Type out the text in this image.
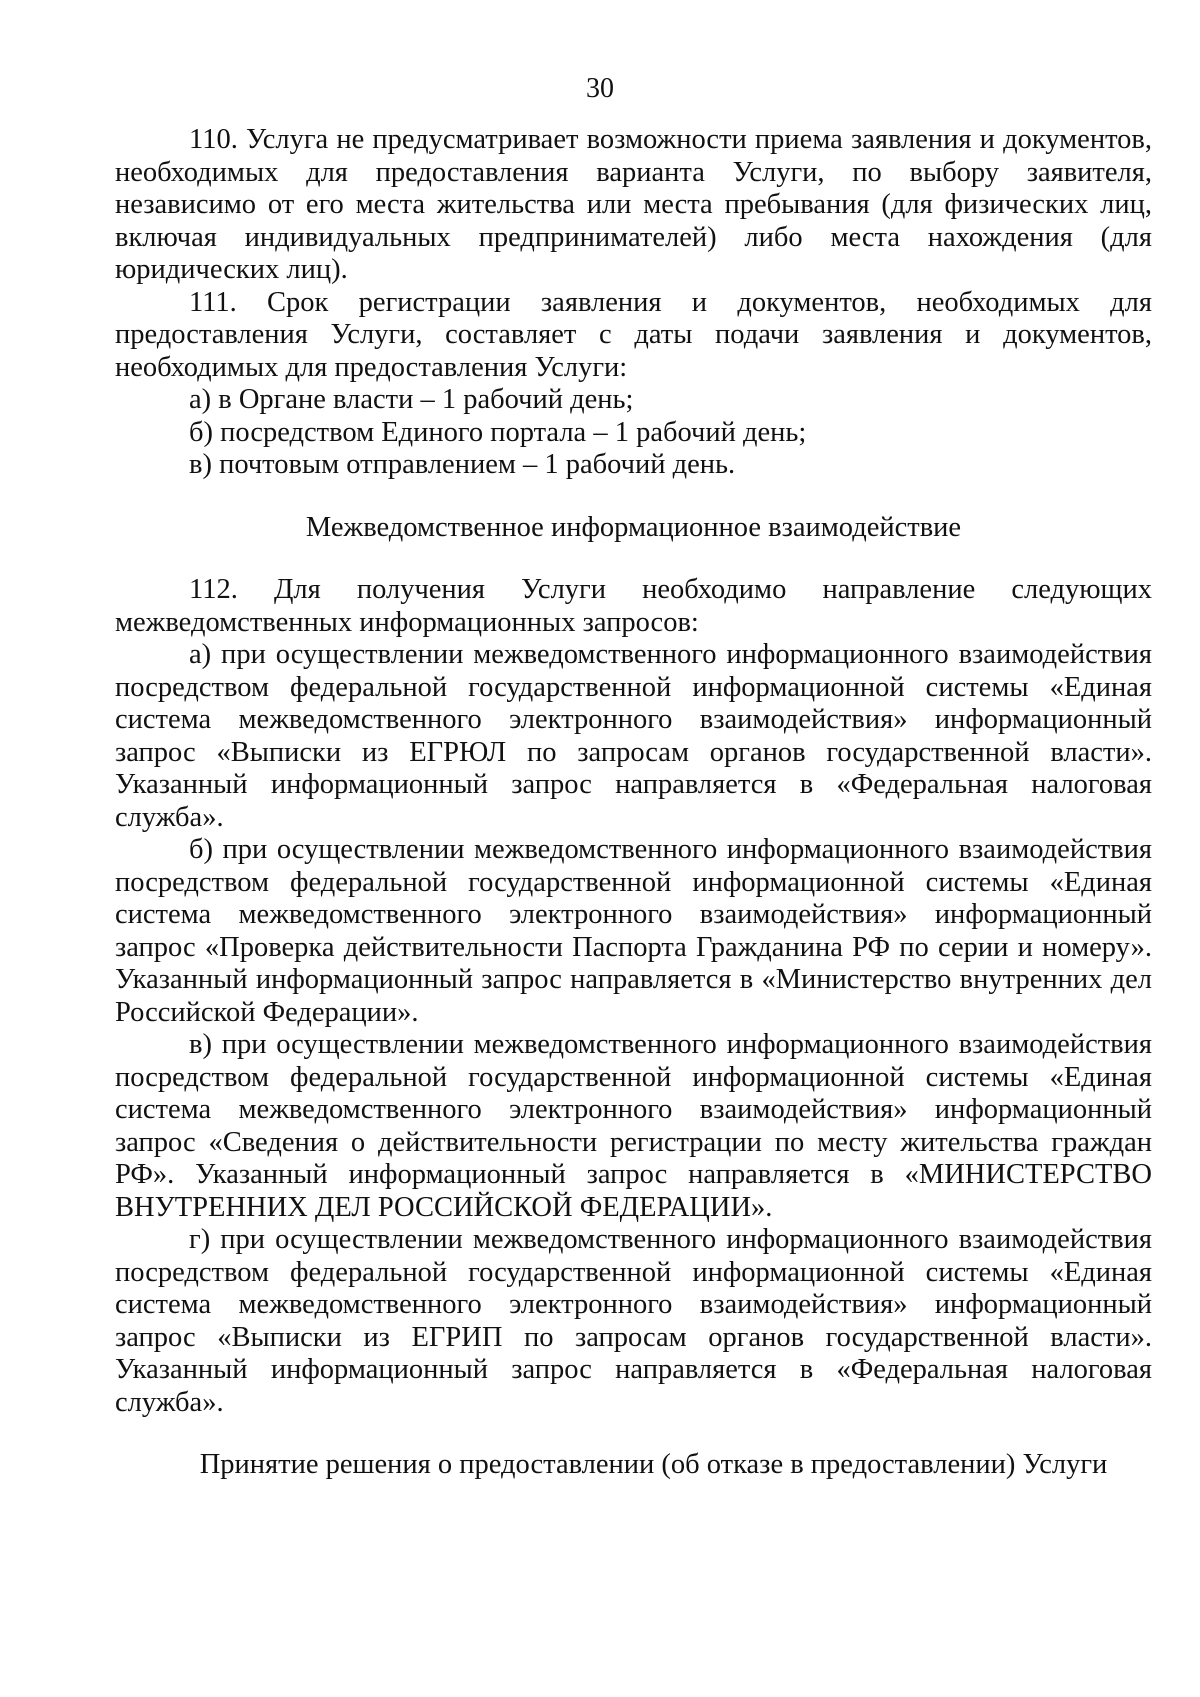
30

110. Услуга не предусматривает возможности приема заявления и документов, необходимых для предоставления варианта Услуги, по выбору заявителя, независимо от его места жительства или места пребывания (для физических лиц, включая индивидуальных предпринимателей) либо места нахождения (для юридических лиц).

111. Срок регистрации заявления и документов, необходимых для предоставления Услуги, составляет с даты подачи заявления и документов, необходимых для предоставления Услуги:

а) в Органе власти – 1 рабочий день;

б) посредством Единого портала – 1 рабочий день;

в) почтовым отправлением – 1 рабочий день.

Межведомственное информационное взаимодействие

112. Для получения Услуги необходимо направление следующих межведомственных информационных запросов:

а) при осуществлении межведомственного информационного взаимодействия посредством федеральной государственной информационной системы «Единая система межведомственного электронного взаимодействия» информационный запрос «Выписки из ЕГРЮЛ по запросам органов государственной власти». Указанный информационный запрос направляется в «Федеральная налоговая служба».

б) при осуществлении межведомственного информационного взаимодействия посредством федеральной государственной информационной системы «Единая система межведомственного электронного взаимодействия» информационный запрос «Проверка действительности Паспорта Гражданина РФ по серии и номеру». Указанный информационный запрос направляется в «Министерство внутренних дел Российской Федерации».

в) при осуществлении межведомственного информационного взаимодействия посредством федеральной государственной информационной системы «Единая система межведомственного электронного взаимодействия» информационный запрос «Сведения о действительности регистрации по месту жительства граждан РФ». Указанный информационный запрос направляется в «МИНИСТЕРСТВО ВНУТРЕННИХ ДЕЛ РОССИЙСКОЙ ФЕДЕРАЦИИ».

г) при осуществлении межведомственного информационного взаимодействия посредством федеральной государственной информационной системы «Единая система межведомственного электронного взаимодействия» информационный запрос «Выписки из ЕГРИП по запросам органов государственной власти». Указанный информационный запрос направляется в «Федеральная налоговая служба».

Принятие решения о предоставлении (об отказе в предоставлении) Услуги
